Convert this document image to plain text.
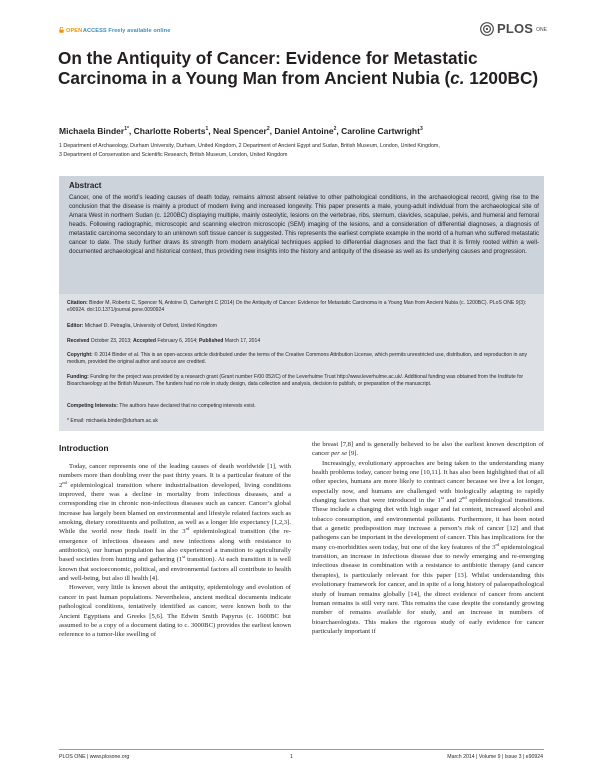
OPEN ACCESS Freely available online	PLOS ONE
On the Antiquity of Cancer: Evidence for Metastatic Carcinoma in a Young Man from Ancient Nubia (c. 1200BC)
Michaela Binder$^{1*}$, Charlotte Roberts$^1$, Neal Spencer$^2$, Daniel Antoine$^2$, Caroline Cartwright$^3$
1 Department of Archaeology, Durham University, Durham, United Kingdom, 2 Department of Ancient Egypt and Sudan, British Museum, London, United Kingdom,
3 Department of Conservation and Scientific Research, British Museum, London, United Kingdom
Abstract
Cancer, one of the world’s leading causes of death today, remains almost absent relative to other pathological conditions, in the archaeological record, giving rise to the conclusion that the disease is mainly a product of modern living and increased longevity. This paper presents a male, young-adult individual from the archaeological site of Amara West in northern Sudan (c. 1200BC) displaying multiple, mainly osteolytic, lesions on the vertebrae, ribs, sternum, clavicles, scapulae, pelvis, and humeral and femoral heads. Following radiographic, microscopic and scanning electron microscopic (SEM) imaging of the lesions, and a consideration of differential diagnoses, a diagnosis of metastatic carcinoma secondary to an unknown soft tissue cancer is suggested. This represents the earliest complete example in the world of a human who suffered metastatic cancer to date. The study further draws its strength from modern analytical techniques applied to differential diagnoses and the fact that it is firmly rooted within a well-documented archaeological and historical context, thus providing new insights into the history and antiquity of the disease as well as its underlying causes and progression.
Citation: Binder M, Roberts C, Spencer N, Antoine D, Cartwright C (2014) On the Antiquity of Cancer: Evidence for Metastatic Carcinoma in a Young Man from Ancient Nubia (c. 1200BC). PLoS ONE 9(3): e90924. doi:10.1371/journal.pone.0090924
Editor: Michael D. Petraglia, University of Oxford, United Kingdom
Received October 23, 2013; Accepted February 6, 2014; Published March 17, 2014
Copyright: © 2014 Binder et al. This is an open-access article distributed under the terms of the Creative Commons Attribution License, which permits unrestricted use, distribution, and reproduction in any medium, provided the original author and source are credited.
Funding: Funding for the project was provided by a research grant (Grant number F/00 052/C) of the Leverhulme Trust http://www.leverhulme.ac.uk/. Additional funding was obtained from the Institute for Bioarchaeology at the British Museum. The funders had no role in study design, data collection and analysis, decision to publish, or preparation of the manuscript.
Competing Interests: The authors have declared that no competing interests exist.
* Email: michaela.binder@durham.ac.uk
Introduction

Today, cancer represents one of the leading causes of death worldwide [1], with numbers more than doubling over the past thirty years. It is a particular feature of the 2nd epidemiological transition where industrialisation developed, living conditions improved, there was a decline in mortality from infectious diseases, and a corresponding rise in chronic non-infectious diseases such as cancer. Cancer’s global increase has largely been blamed on environmental and lifestyle related factors such as smoking, dietary constituents and pollution, as well as a longer life expectancy [1,2,3]. While the world now finds itself in the 3rd epidemiological transition (the re-emergence of infectious diseases and new infections along with resistance to antibiotics), our human population has also experienced a transition to agriculturally based societies from hunting and gathering (1st transition). At each transition it is well known that socioeconomic, political, and environmental factors all contribute to health and well-being, but also ill health [4].

However, very little is known about the antiquity, epidemiology and evolution of cancer in past human populations. Nevertheless, ancient medical documents indicate pathological conditions, tentatively identified as cancer, were known both to the Ancient Egyptians and Greeks [5,6]. The Edwin Smith Papyrus (c. 1600BC but assumed to be a copy of a document dating to c. 3000BC) provides the earliest known reference to a tumor-like swelling of

the breast [7,8] and is generally believed to be also the earliest known description of cancer per se [9].

Increasingly, evolutionary approaches are being taken to the understanding many health problems today, cancer being one [10,11]. It has also been highlighted that of all other species, humans are more likely to contract cancer because we live a lot longer, especially now, and humans are challenged with biologically adapting to rapidly changing factors that were introduced in the 1st and 2nd epidemiological transitions. These include a changing diet with high sugar and fat content, increased alcohol and tobacco consumption, and environmental pollutants. Furthermore, it has been noted that a genetic predisposition may increase a person’s risk of cancer [12] and that pathogens can be important in the development of cancer. This has implications for the many co-morbidities seen today, but one of the key features of the 3rd epidemiological transition, an increase in infectious disease due to newly emerging and re-emerging infectious disease in combination with a resistance to antibiotic therapy (and cancer therapies), is particularly relevant for this paper [13]. Whilst understanding this evolutionary framework for cancer, and in spite of a long history of palaeopathological study of human remains globally [14], the direct evidence of cancer from ancient human remains is still very rare. This remains the case despite the constantly growing number of remains available for study, and an increase in numbers of bioarchaeologists. This makes the rigorous study of early evidence for cancer particularly important if

PLOS ONE | www.plosone.org	1	March 2014 | Volume 9 | Issue 3 | e90924
